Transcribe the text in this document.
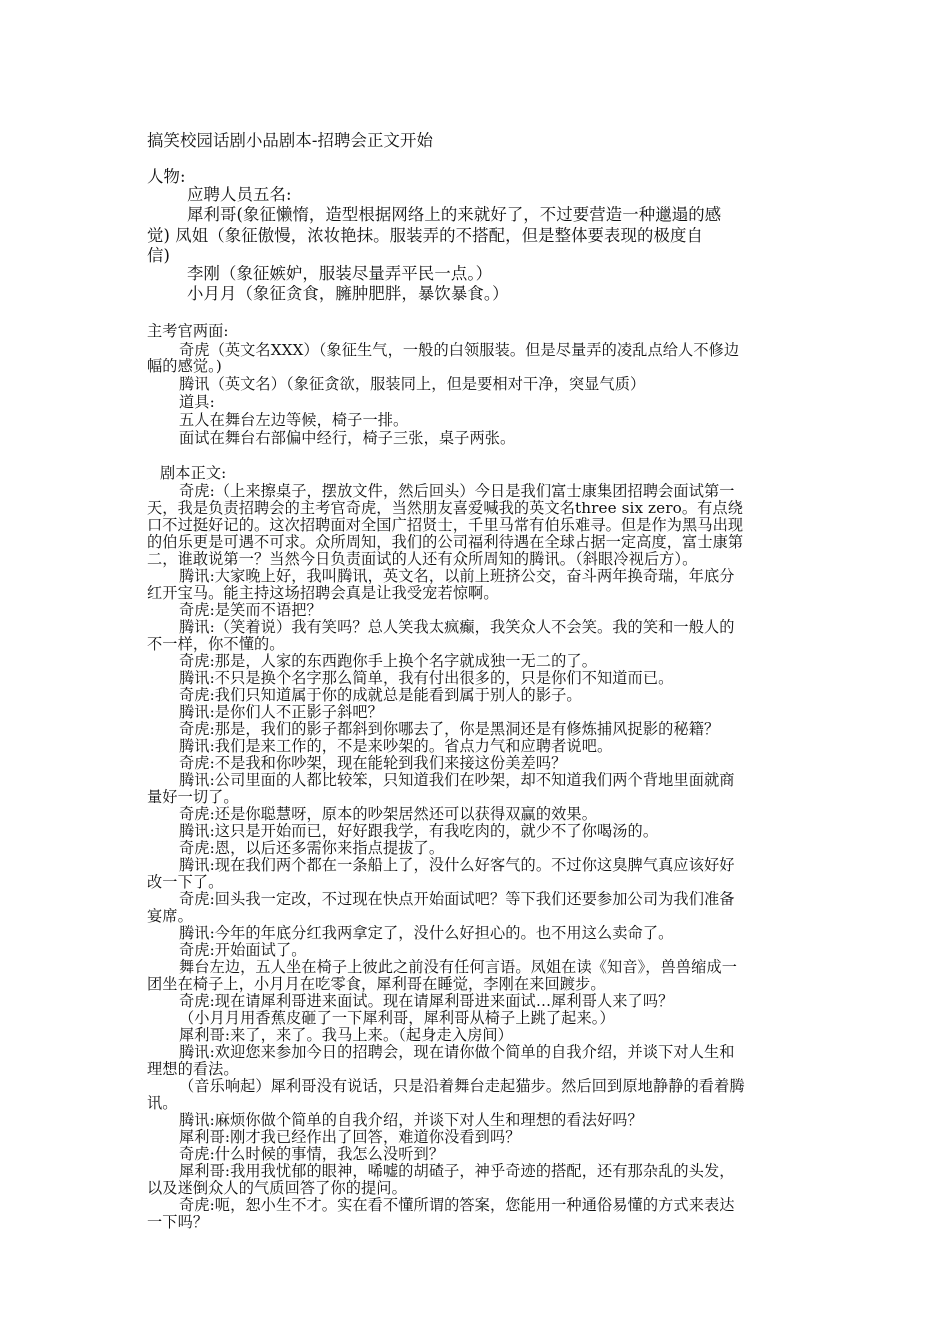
搞笑校园话剧小品剧本-招聘会正文开始
人物:
应聘人员五名:
犀利哥(象征懒惰，造型根据网络上的来就好了，不过要营造一种邋遢的感
觉) 凤姐（象征傲慢，浓妆艳抹。服装弄的不搭配，但是整体要表现的极度自
信)
李刚（象征嫉妒，服装尽量弄平民一点。）
小月月（象征贪食，臃肿肥胖，暴饮暴食。）
主考官两面:
奇虎（英文名XXX）（象征生气，一般的白领服装。但是尽量弄的凌乱点给人不修边
幅的感觉。)
腾讯（英文名）（象征贪欲，服装同上，但是要相对干净，突显气质）
道具:
五人在舞台左边等候，椅子一排。
面试在舞台右部偏中经行，椅子三张，桌子两张。
剧本正文:
奇虎:（上来擦桌子，摆放文件，然后回头）今日是我们富士康集团招聘会面试第一
天，我是负责招聘会的主考官奇虎，当然朋友喜爱喊我的英文名three six zero。有点绕
口不过挺好记的。这次招聘面对全国广招贤士，千里马常有伯乐难寻。但是作为黑马出现
的伯乐更是可遇不可求。众所周知，我们的公司福利待遇在全球占据一定高度，富士康第
二，谁敢说第一？当然今日负责面试的人还有众所周知的腾讯。（斜眼冷视后方）。
腾讯:大家晚上好，我叫腾讯，英文名，以前上班挤公交，奋斗两年换奇瑞，年底分
红开宝马。能主持这场招聘会真是让我受宠若惊啊。
奇虎:是笑而不语把？
腾讯:（笑着说）我有笑吗？总人笑我太疯癫，我笑众人不会笑。我的笑和一般人的
不一样，你不懂的。
奇虎:那是，人家的东西跑你手上换个名字就成独一无二的了。
腾讯:不只是换个名字那么简单，我有付出很多的，只是你们不知道而已。
奇虎:我们只知道属于你的成就总是能看到属于别人的影子。
腾讯:是你们人不正影子斜吧？
奇虎:那是，我们的影子都斜到你哪去了，你是黑洞还是有修炼捕风捉影的秘籍？
腾讯:我们是来工作的，不是来吵架的。省点力气和应聘者说吧。
奇虎:不是我和你吵架，现在能轮到我们来接这份美差吗？
腾讯:公司里面的人都比较笨，只知道我们在吵架，却不知道我们两个背地里面就商
量好一切了。
奇虎:还是你聪慧呀，原本的吵架居然还可以获得双赢的效果。
腾讯:这只是开始而已，好好跟我学，有我吃肉的，就少不了你喝汤的。
奇虎:恩，以后还多需你来指点提拔了。
腾讯:现在我们两个都在一条船上了，没什么好客气的。不过你这臭脾气真应该好好
改一下了。
奇虎:回头我一定改，不过现在快点开始面试吧？等下我们还要参加公司为我们准备
宴席。
腾讯:今年的年底分红我两拿定了，没什么好担心的。也不用这么卖命了。
奇虎:开始面试了。
舞台左边，五人坐在椅子上彼此之前没有任何言语。凤姐在读《知音》，兽兽缩成一
团坐在椅子上，小月月在吃零食，犀利哥在睡觉，李刚在来回踱步。
奇虎:现在请犀利哥进来面试。现在请犀利哥进来面试…犀利哥人来了吗？
（小月月用香蕉皮砸了一下犀利哥，犀利哥从椅子上跳了起来。）
犀利哥:来了，来了。我马上来。（起身走入房间）
腾讯:欢迎您来参加今日的招聘会，现在请你做个简单的自我介绍，并谈下对人生和
理想的看法。
（音乐响起）犀利哥没有说话，只是沿着舞台走起猫步。然后回到原地静静的看着腾
讯。
腾讯:麻烦你做个简单的自我介绍，并谈下对人生和理想的看法好吗？
犀利哥:刚才我已经作出了回答，难道你没看到吗？
奇虎:什么时候的事情，我怎么没听到？
犀利哥:我用我忧郁的眼神，唏嘘的胡碴子，神乎奇迹的搭配，还有那杂乱的头发，
以及迷倒众人的气质回答了你的提问。
奇虎:呃，恕小生不才。实在看不懂所谓的答案，您能用一种通俗易懂的方式来表达
一下吗？
